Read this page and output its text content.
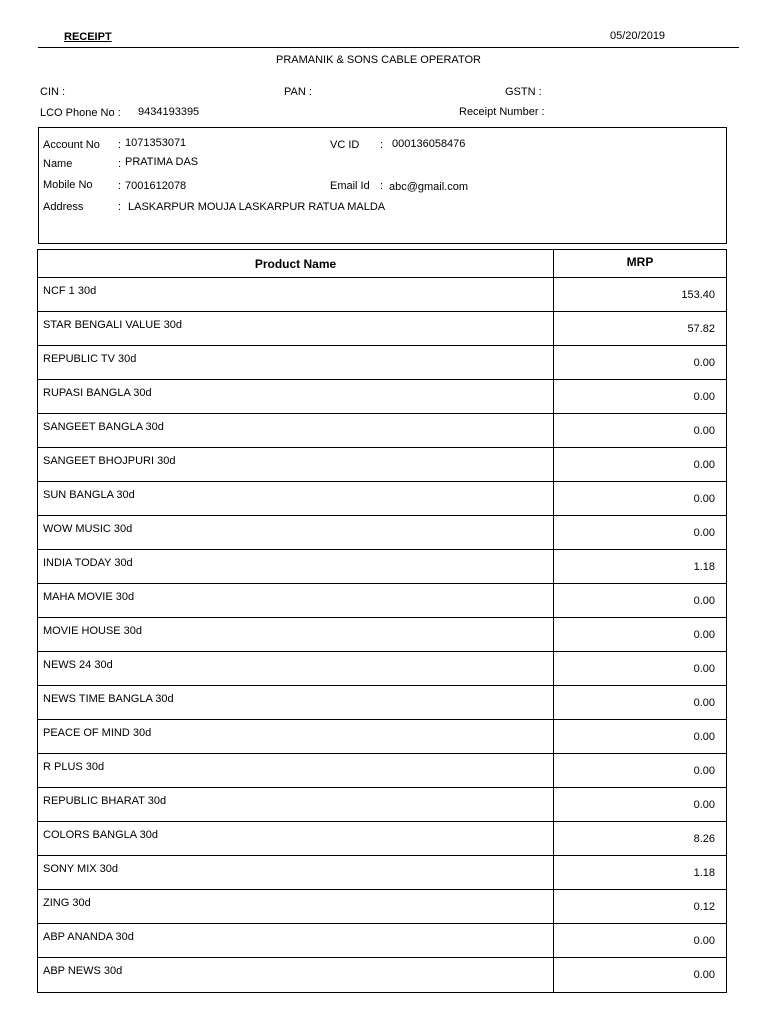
RECEIPT	05/20/2019
PRAMANIK & SONS CABLE OPERATOR
CIN :	PAN :	GSTN :
LCO Phone No : 9434193395	Receipt Number :
Account No : 1071353071
Name	: PRATIMA DAS
Mobile No : 7001612078
Address	: LASKARPUR MOUJA LASKARPUR RATUA MALDA
VC ID : 000136058476
Email Id : abc@gmail.com
Product Name	MRP
NCF 1 30d	153.40
STAR BENGALI VALUE 30d	57.82
REPUBLIC TV 30d	0.00
RUPASI BANGLA 30d	0.00
SANGEET BANGLA 30d	0.00
SANGEET BHOJPURI 30d	0.00
SUN BANGLA 30d	0.00
WOW MUSIC 30d	0.00
INDIA TODAY 30d	1.18
MAHA MOVIE 30d	0.00
MOVIE HOUSE 30d	0.00
NEWS 24 30d	0.00
NEWS TIME BANGLA 30d	0.00
PEACE OF MIND 30d	0.00
R PLUS 30d	0.00
REPUBLIC BHARAT 30d	0.00
COLORS BANGLA 30d	8.26
SONY MIX 30d	1.18
ZING 30d	0.12
ABP ANANDA 30d	0.00
ABP NEWS 30d	0.00
